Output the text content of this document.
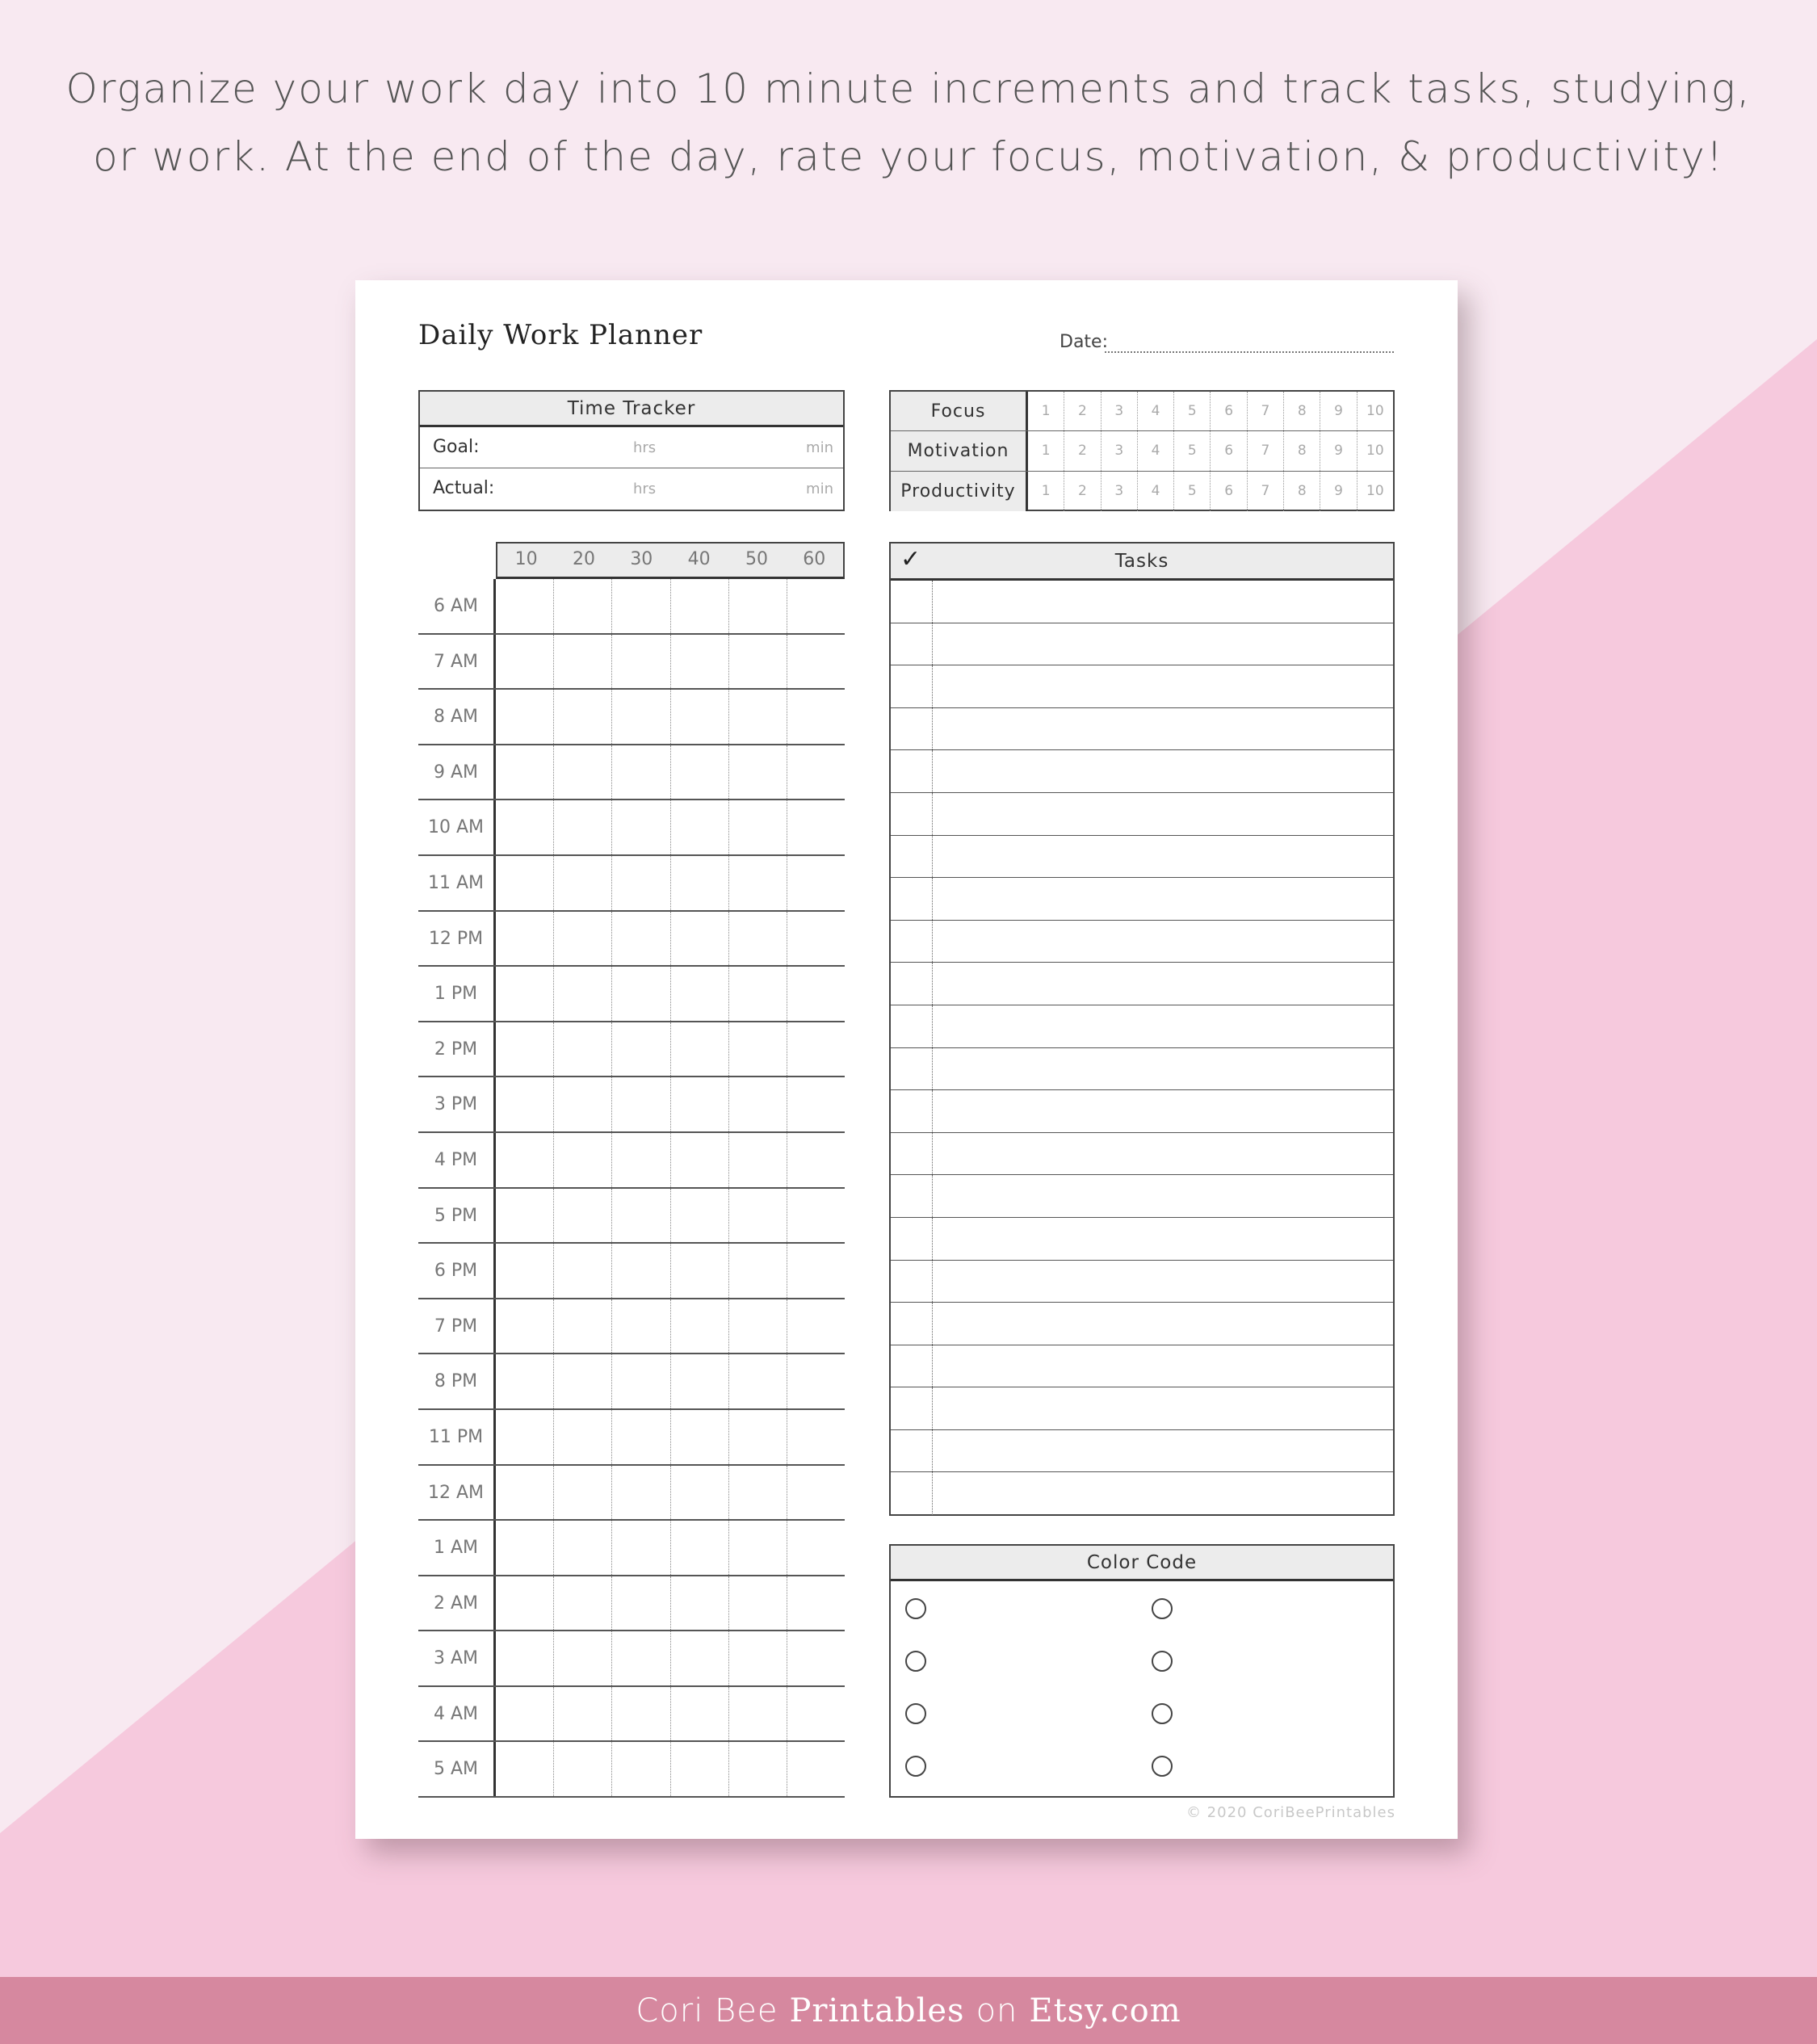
Organize your work day into 10 minute increments and track tasks, studying,
or work. At the end of the day, rate your focus, motivation, & productivity!
Daily Work Planner	Date:
Time Tracker
Goal:	hrs	min
Actual:	hrs	min
Focus	1	2	3	4	5	6	7	8	9	10
Motivation	1	2	3	4	5	6	7	8	9	10
Productivity	1	2	3	4	5	6	7	8	9	10
10	20	30	40	50	60
6 AM
7 AM
8 AM
9 AM
10 AM
11 AM
12 PM
1 PM
2 PM
3 PM
4 PM
5 PM
6 PM
7 PM
8 PM
11 PM
12 AM
1 AM
2 AM
3 AM
4 AM
5 AM
✓	Tasks
Color Code
© 2020 CoriBeePrintables
Cori Bee Printables on Etsy.com
